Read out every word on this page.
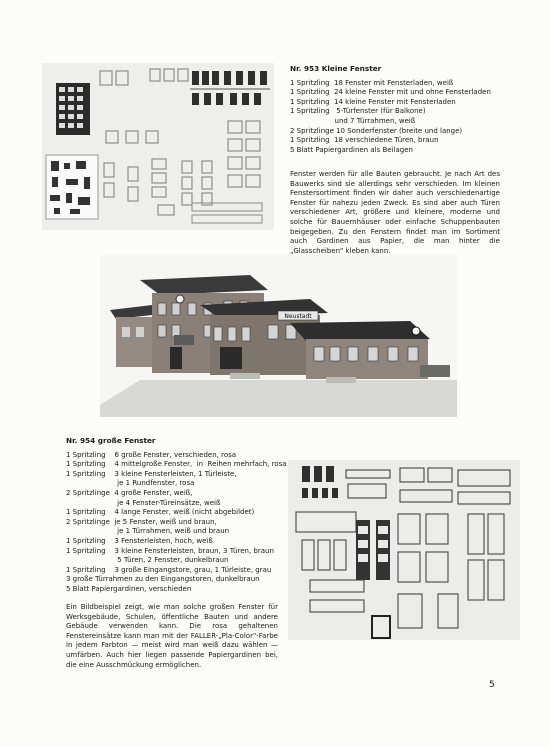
Nr. 953 Kleine Fenster
1 Spritzling  18 Fenster mit Fensterladen, weiß
1 Spritzling  24 kleine Fenster mit und ohne Fensterladen
1 Spritzling  14 kleine Fenster mit Fensterladen
1 Spritzling   5-Türfenster (für Balkone)
und 7 Türrahmen, weiß
2 Spritzlinge 10 Sonderfenster (breite und lange)
1 Spritzling  18 verschiedene Türen, braun
5 Blatt Papiergardinen als Beilagen
Fenster werden für alle Bauten gebraucht. Je nach Art des Bauwerks sind sie allerdings sehr verschieden. Im kleinen Fenstersortiment finden wir daher auch verschiedenartige Fenster für nahezu jeden Zweck. Es sind aber auch Türen verschiedener Art, größere und kleinere, moderne und solche für Bauernhäuser oder einfache Schuppenbauten beigegeben. Zu den Fenstern findet man im Sortiment auch Gardinen aus Papier, die man hinter die „Glasscheiben" kleben kann.
Neustadt
Nr. 954 große Fenster
1 Spritzling    6 große Fenster, verschieden, rosa
1 Spritzling    4 mittelgroße Fenster,  in  Reihen mehrfach, rosa
1 Spritzling    3 kleine Fensterleisten, 1 Türleiste,
je 1 Rundfenster, rosa
2 Spritzlinge  4 große Fenster, weiß,
je 4 Fenster-Türeinsätze, weiß
1 Spritzling    4 lange Fenster, weiß (nicht abgebildet)
2 Spritzlinge  je 5 Fenster, weiß und braun,
je 1 Türrahmen, weiß und braun
1 Spritzling    3 Fensterleisten, hoch, weiß
1 Spritzling    3 kleine Fensterleisten, braun, 3 Türen, braun
5 Türen, 2 Fenster, dunkelbraun
1 Spritzling    3 große Eingangstore, grau, 1 Türleiste, grau
3 große Türrahmen zu den Eingangstoren, dunkelbraun
5 Blatt Papiergardinen, verschieden
Ein Bildbeispiel zeigt, wie man solche großen Fenster für Werksgebäude, Schulen, öffentliche Bauten und andere Gebäude verwenden kann. Die rosa gehaltenen Fenstereinsätze kann man mit der FALLER-„Pla-Color"-Farbe in jedem Farbton — meist wird man weiß dazu wählen — umfärben. Auch hier liegen passende Papiergardinen bei, die eine Ausschmückung ermöglichen.
5
